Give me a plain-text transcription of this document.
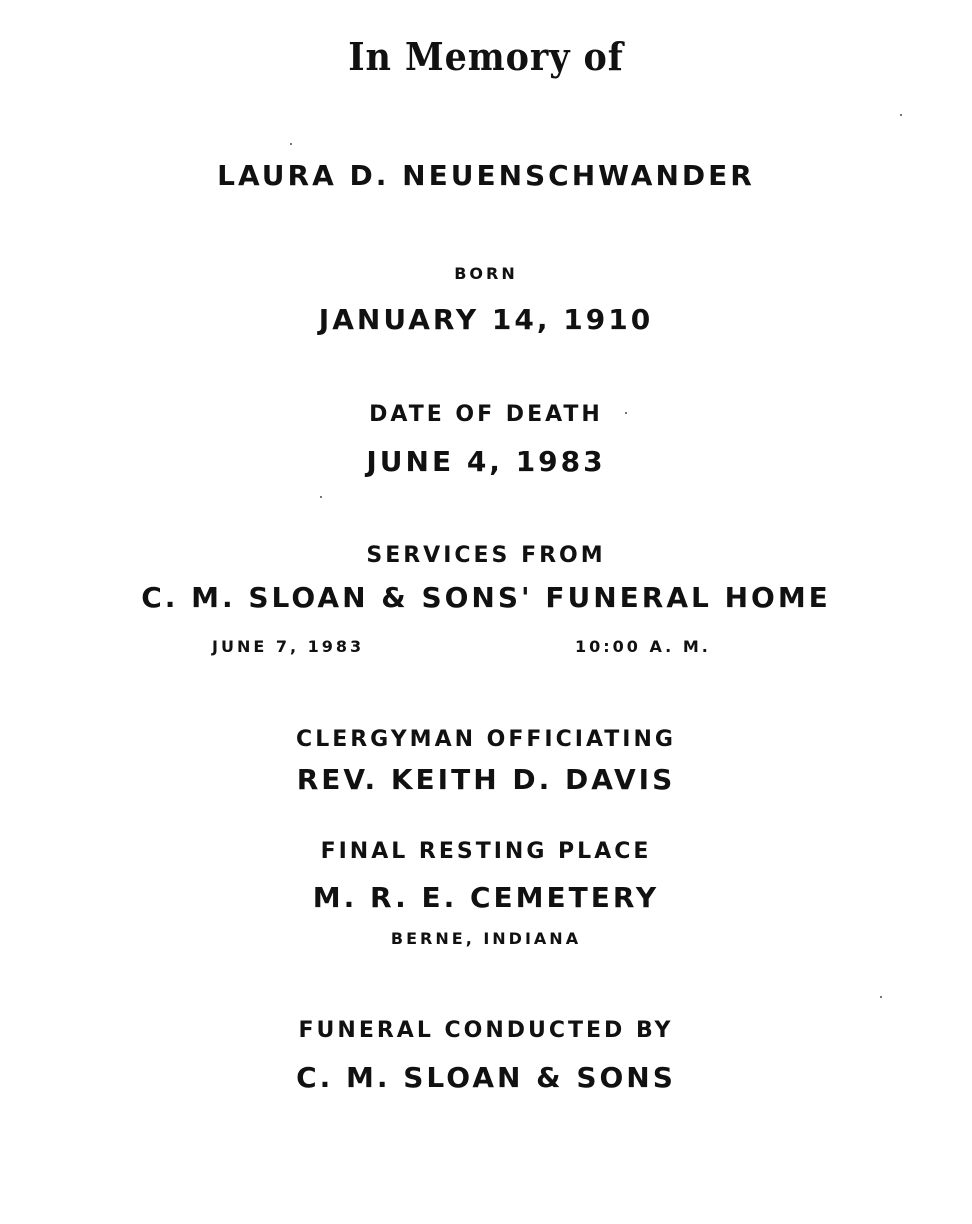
In Memory of
LAURA D. NEUENSCHWANDER
BORN
JANUARY 14, 1910
DATE OF DEATH
JUNE 4, 1983
SERVICES FROM
C. M. SLOAN & SONS' FUNERAL HOME
JUNE 7, 1983	10:00 A. M.
CLERGYMAN OFFICIATING
REV. KEITH D. DAVIS
FINAL RESTING PLACE
M. R. E. CEMETERY
BERNE, INDIANA
FUNERAL CONDUCTED BY
C. M. SLOAN & SONS
